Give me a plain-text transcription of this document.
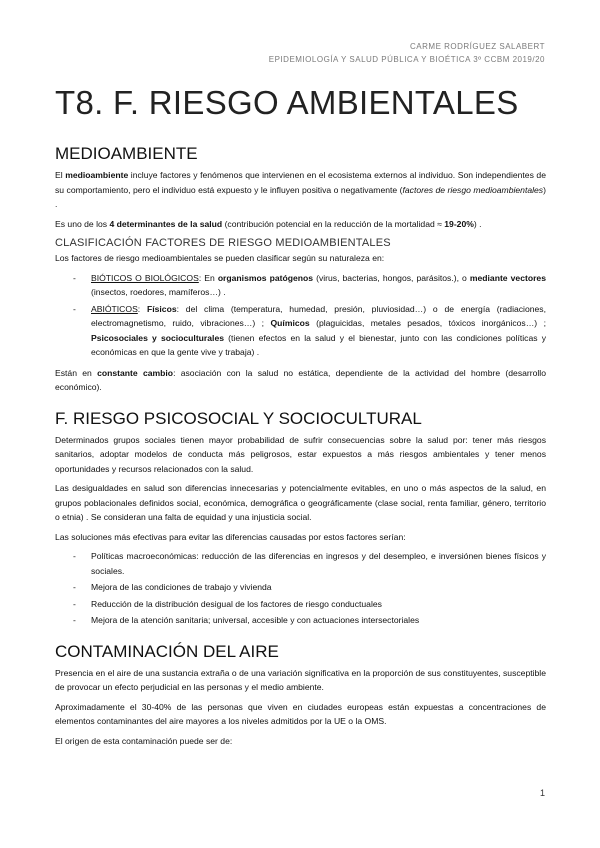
CARME RODRÍGUEZ SALABERT
EPIDEMIOLOGÍA Y SALUD PÚBLICA Y BIOÉTICA 3º CCBM 2019/20
T8. F. RIESGO AMBIENTALES
MEDIOAMBIENTE

El medioambiente incluye factores y fenómenos que intervienen en el ecosistema externos al individuo. Son independientes de su comportamiento, pero el individuo está expuesto y le influyen positiva o negativamente (factores de riesgo medioambientales) .

Es uno de los 4 determinantes de la salud (contribución potencial en la reducción de la mortalidad ≈ 19-20%) .

CLASIFICACIÓN FACTORES DE RIESGO MEDIOAMBIENTALES

Los factores de riesgo medioambientales se pueden clasificar según su naturaleza en:

- BIÓTICOS O BIOLÓGICOS: En organismos patógenos (virus, bacterias, hongos, parásitos.), o mediante vectores (insectos, roedores, mamíferos…) .
- ABIÓTICOS: Físicos: del clima (temperatura, humedad, presión, pluviosidad…) o de energía (radiaciones, electromagnetismo, ruido, vibraciones…) ; Químicos (plaguicidas, metales pesados, tóxicos inorgánicos…) ; Psicosociales y socioculturales (tienen efectos en la salud y el bienestar, junto con las condiciones políticas y económicas en que la gente vive y trabaja) .

Están en constante cambio: asociación con la salud no estática, dependiente de la actividad del hombre (desarrollo económico).

F. RIESGO PSICOSOCIAL Y SOCIOCULTURAL

Determinados grupos sociales tienen mayor probabilidad de sufrir consecuencias sobre la salud por: tener más riesgos sanitarios, adoptar modelos de conducta más peligrosos, estar expuestos a más riesgos ambientales y tener menos oportunidades y recursos relacionados con la salud.

Las desigualdades en salud son diferencias innecesarias y potencialmente evitables, en uno o más aspectos de la salud, en grupos poblacionales definidos social, económica, demográfica o geográficamente (clase social, renta familiar, género, territorio o etnia) . Se consideran una falta de equidad y una injusticia social.

Las soluciones más efectivas para evitar las diferencias causadas por estos factores serían:

- Políticas macroeconómicas: reducción de las diferencias en ingresos y del desempleo, e inversiónen bienes físicos y sociales.
- Mejora de las condiciones de trabajo y vivienda
- Reducción de la distribución desigual de los factores de riesgo conductuales
- Mejora de la atención sanitaria; universal, accesible y con actuaciones intersectoriales
CONTAMINACIÓN DEL AIRE

Presencia en el aire de una sustancia extraña o de una variación significativa en la proporción de sus constituyentes, susceptible de provocar un efecto perjudicial en las personas y el medio ambiente.

Aproximadamente el 30-40% de las personas que viven en ciudades europeas están expuestas a concentraciones de elementos contaminantes del aire mayores a los niveles admitidos por la UE o la OMS.

El origen de esta contaminación puede ser de:

1
